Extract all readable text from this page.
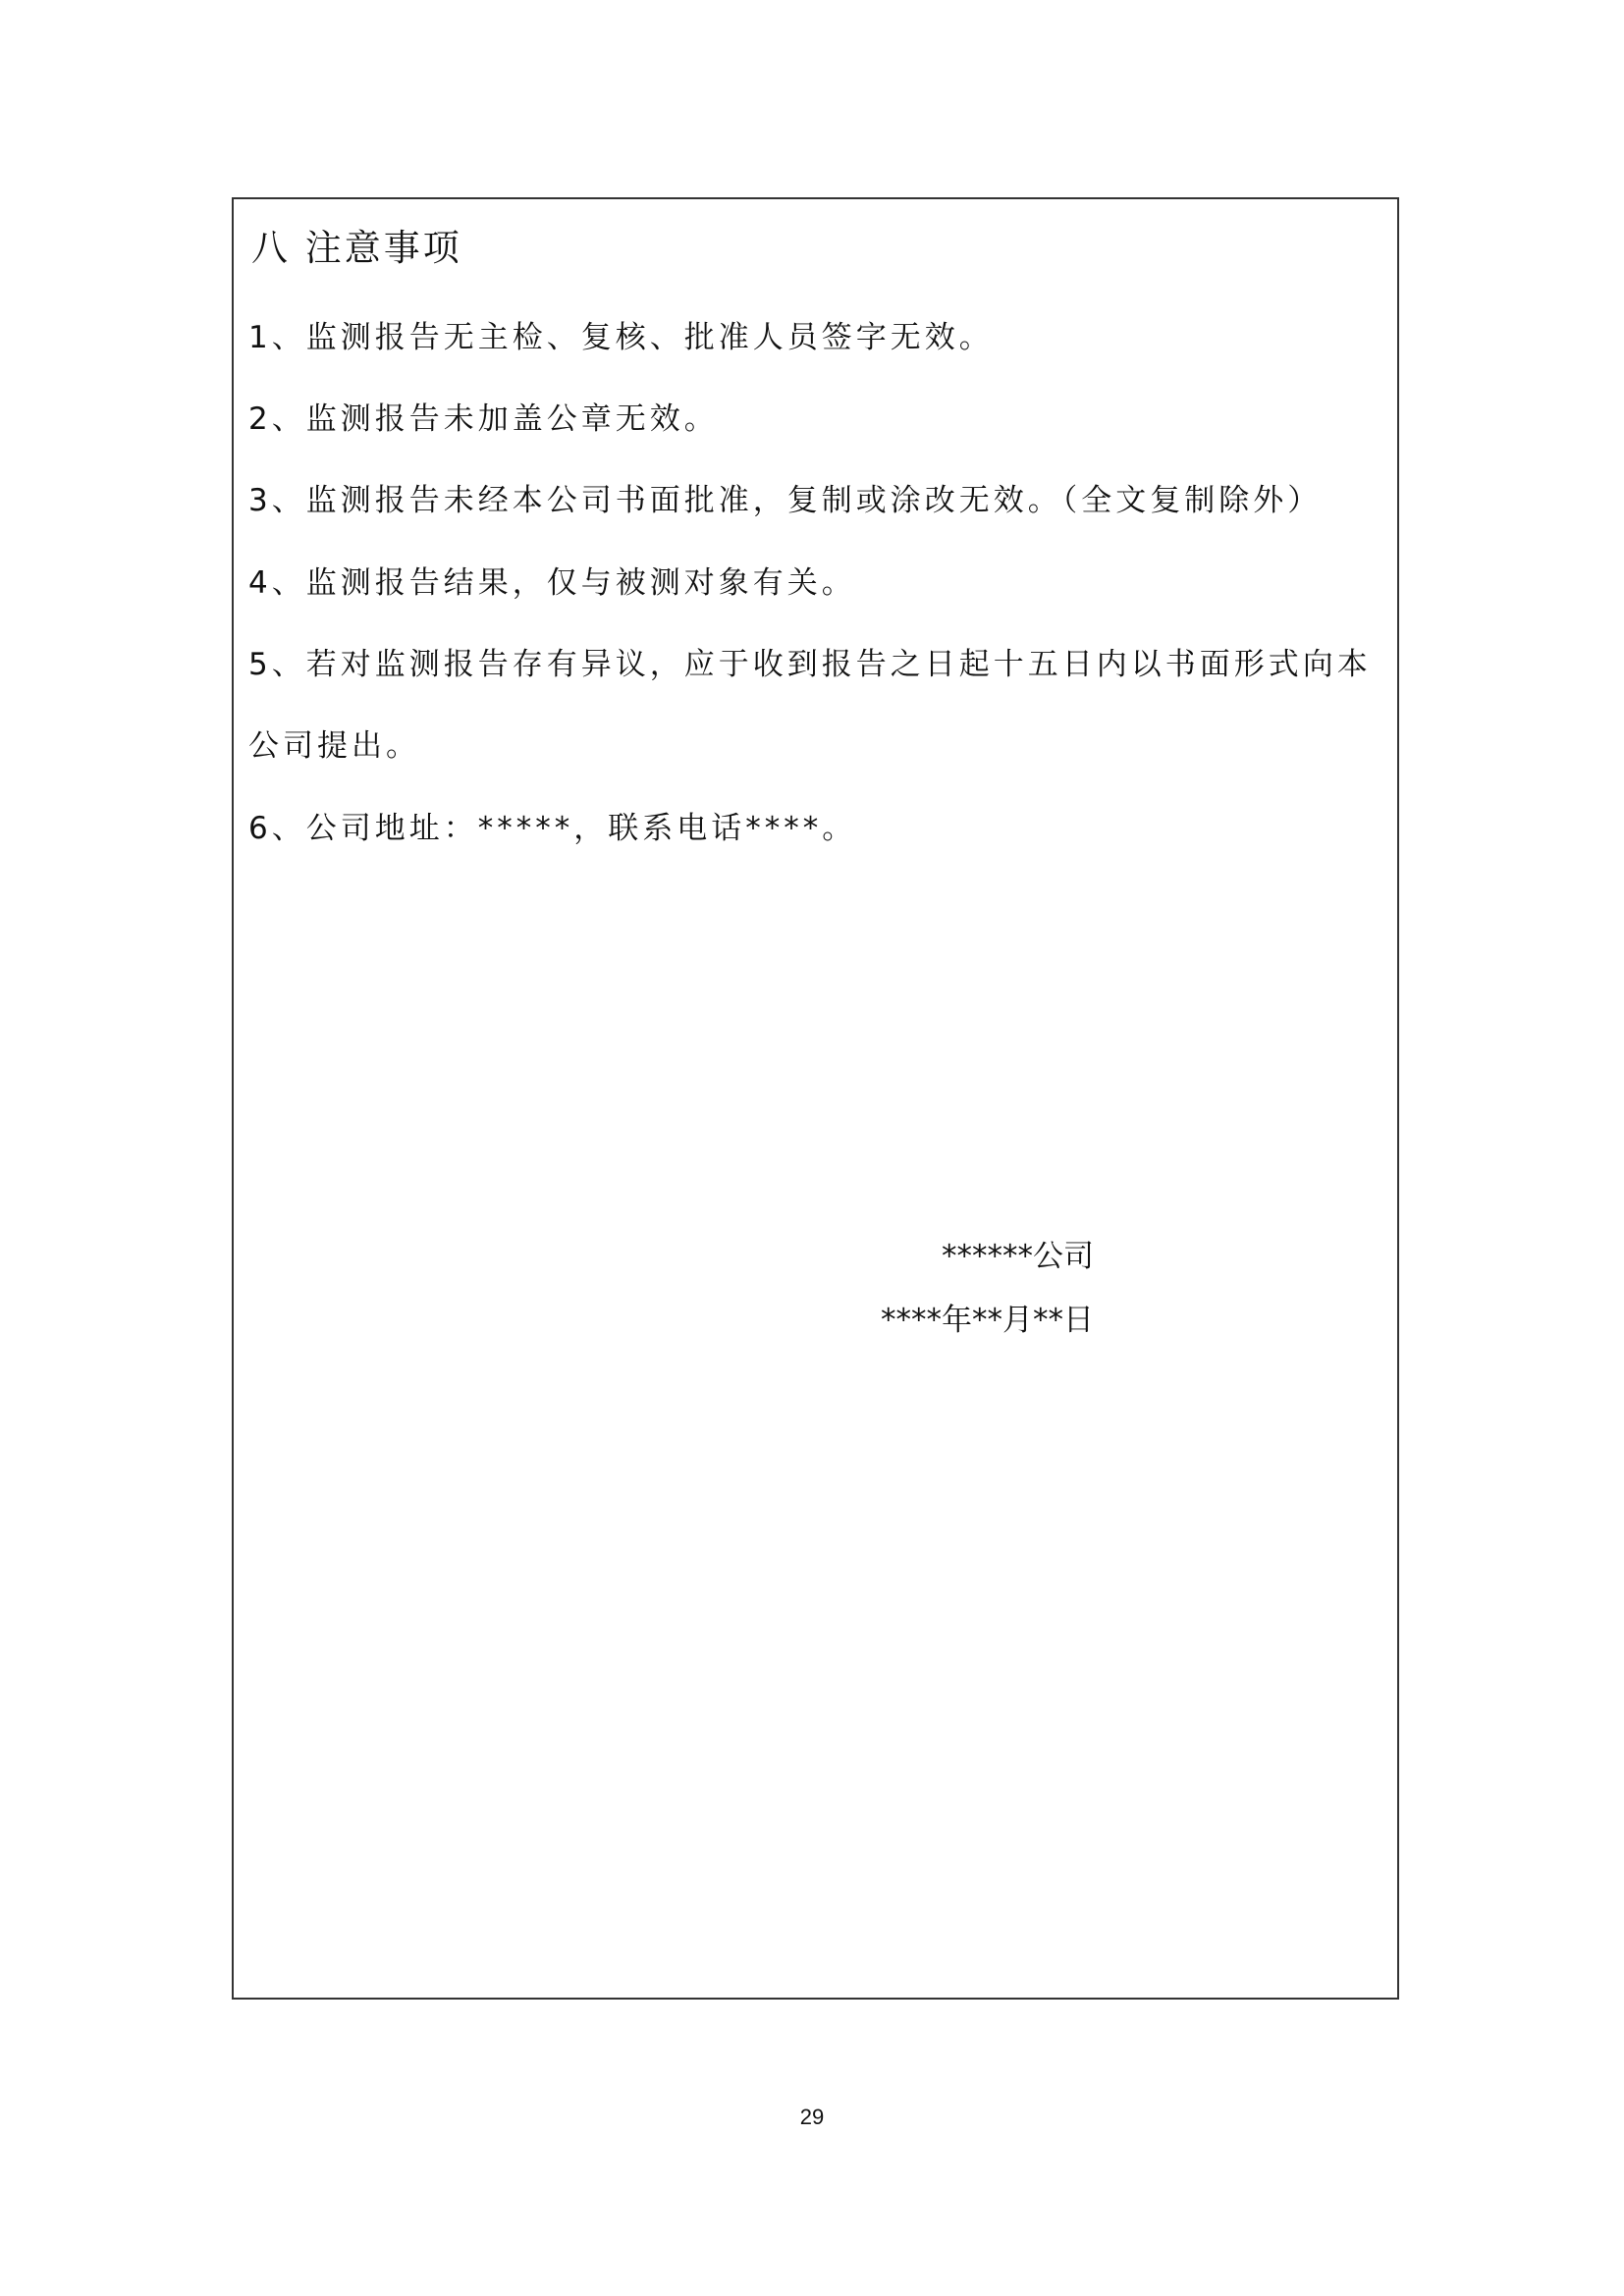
八 注意事项
1、监测报告无主检、复核、批准人员签字无效。
2、监测报告未加盖公章无效。
3、监测报告未经本公司书面批准，复制或涂改无效。（全文复制除外）
4、监测报告结果，仅与被测对象有关。
5、若对监测报告存有异议，应于收到报告之日起十五日内以书面形式向本
公司提出。
6、公司地址：*****，联系电话****。
******公司
****年**月**日
29
